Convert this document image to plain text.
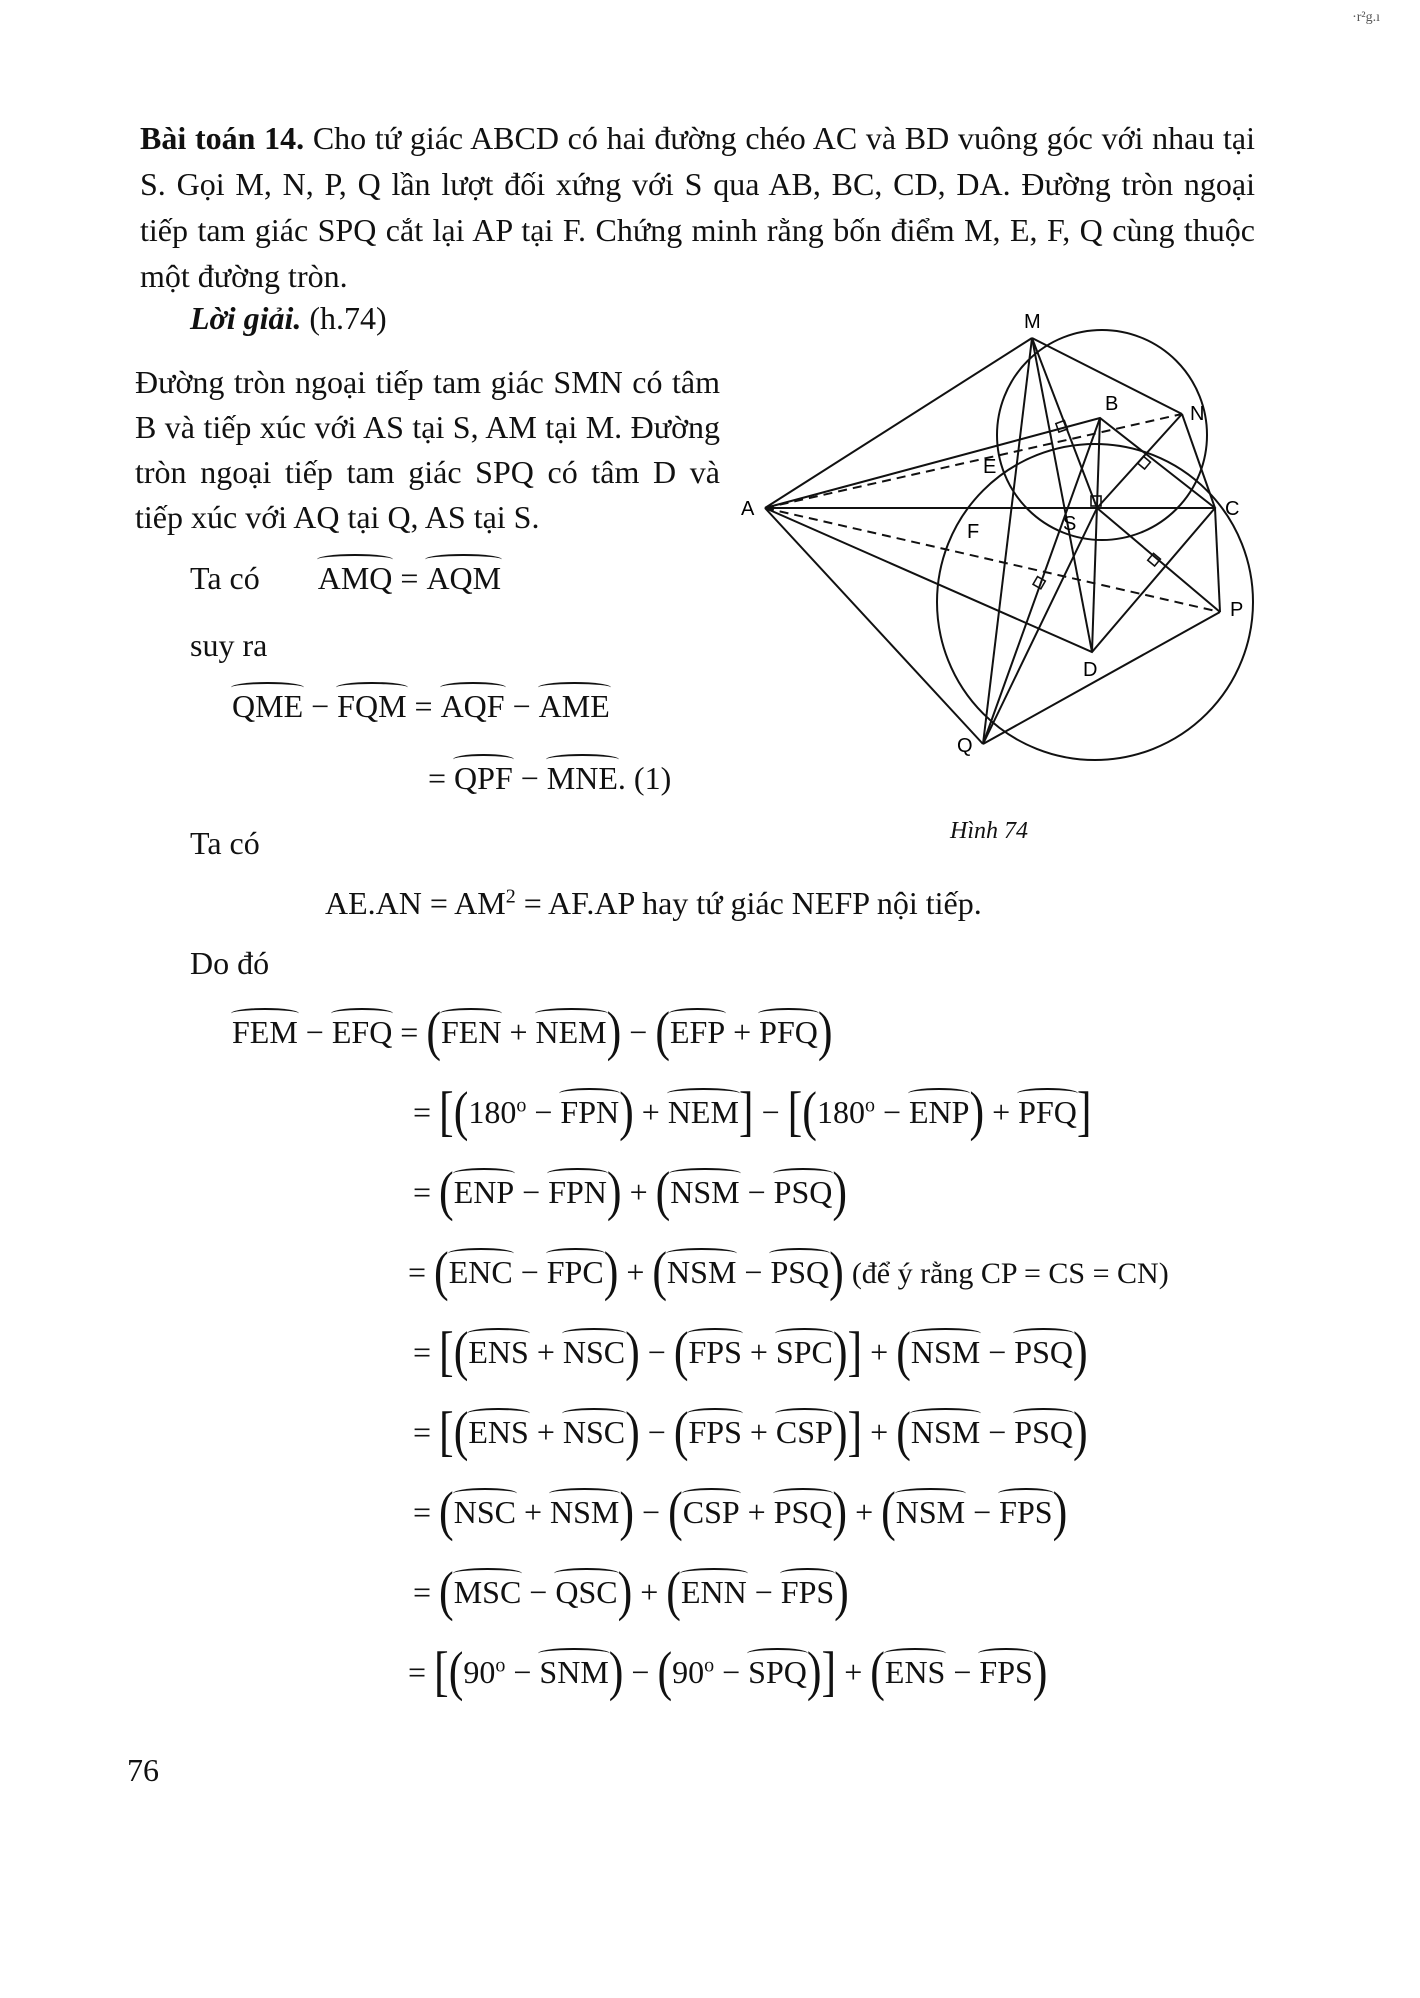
·r²g.ı
Bài toán 14. Cho tứ giác ABCD có hai đường chéo AC và BD vuông góc với nhau tại S. Gọi M, N, P, Q lần lượt đối xứng với S qua AB, BC, CD, DA. Đường tròn ngoại tiếp tam giác SPQ cắt lại AP tại F. Chứng minh rằng bốn điểm M, E, F, Q cùng thuộc một đường tròn.
Lời giải. (h.74)
Đường tròn ngoại tiếp tam giác SMN có tâm B và tiếp xúc với AS tại S, AM tại M. Đường tròn ngoại tiếp tam giác SPQ có tâm D và tiếp xúc với AQ tại Q, AS tại S.
Ta có AMQ = AQM
suy ra
QME − FQM = AQF − AME
= QPF − MNE. (1)
Ta có
$AE.AN = AM^2 = AF.AP$ hay tứ giác NEFP nội tiếp.
Do đó
FEM − EFQ = (FEN + NEM) − (EFP + PFQ)
= $[(180^o - FPN) + NEM] - [(180^o - ENP) + PFQ]$
= (ENP − FPN) + (NSM − PSQ)
= (ENC − FPC) + (NSM − PSQ) (để ý rằng CP = CS = CN)
= [(ENS + NSC) − (FPS + SPC)] + (NSM − PSQ)
= [(ENS + NSC) − (FPS + CSP)] + (NSM − PSQ)
= (NSC + NSM) − (CSP + PSQ) + (NSM − FPS)
= (MSC − QSC) + (ENN − FPS)
= $[(90^o - SNM) - (90^o - SPQ)] + (ENS - FPS)$
M
B	N
E
A	C
F	S
P
D
Q
Hình 74
76
